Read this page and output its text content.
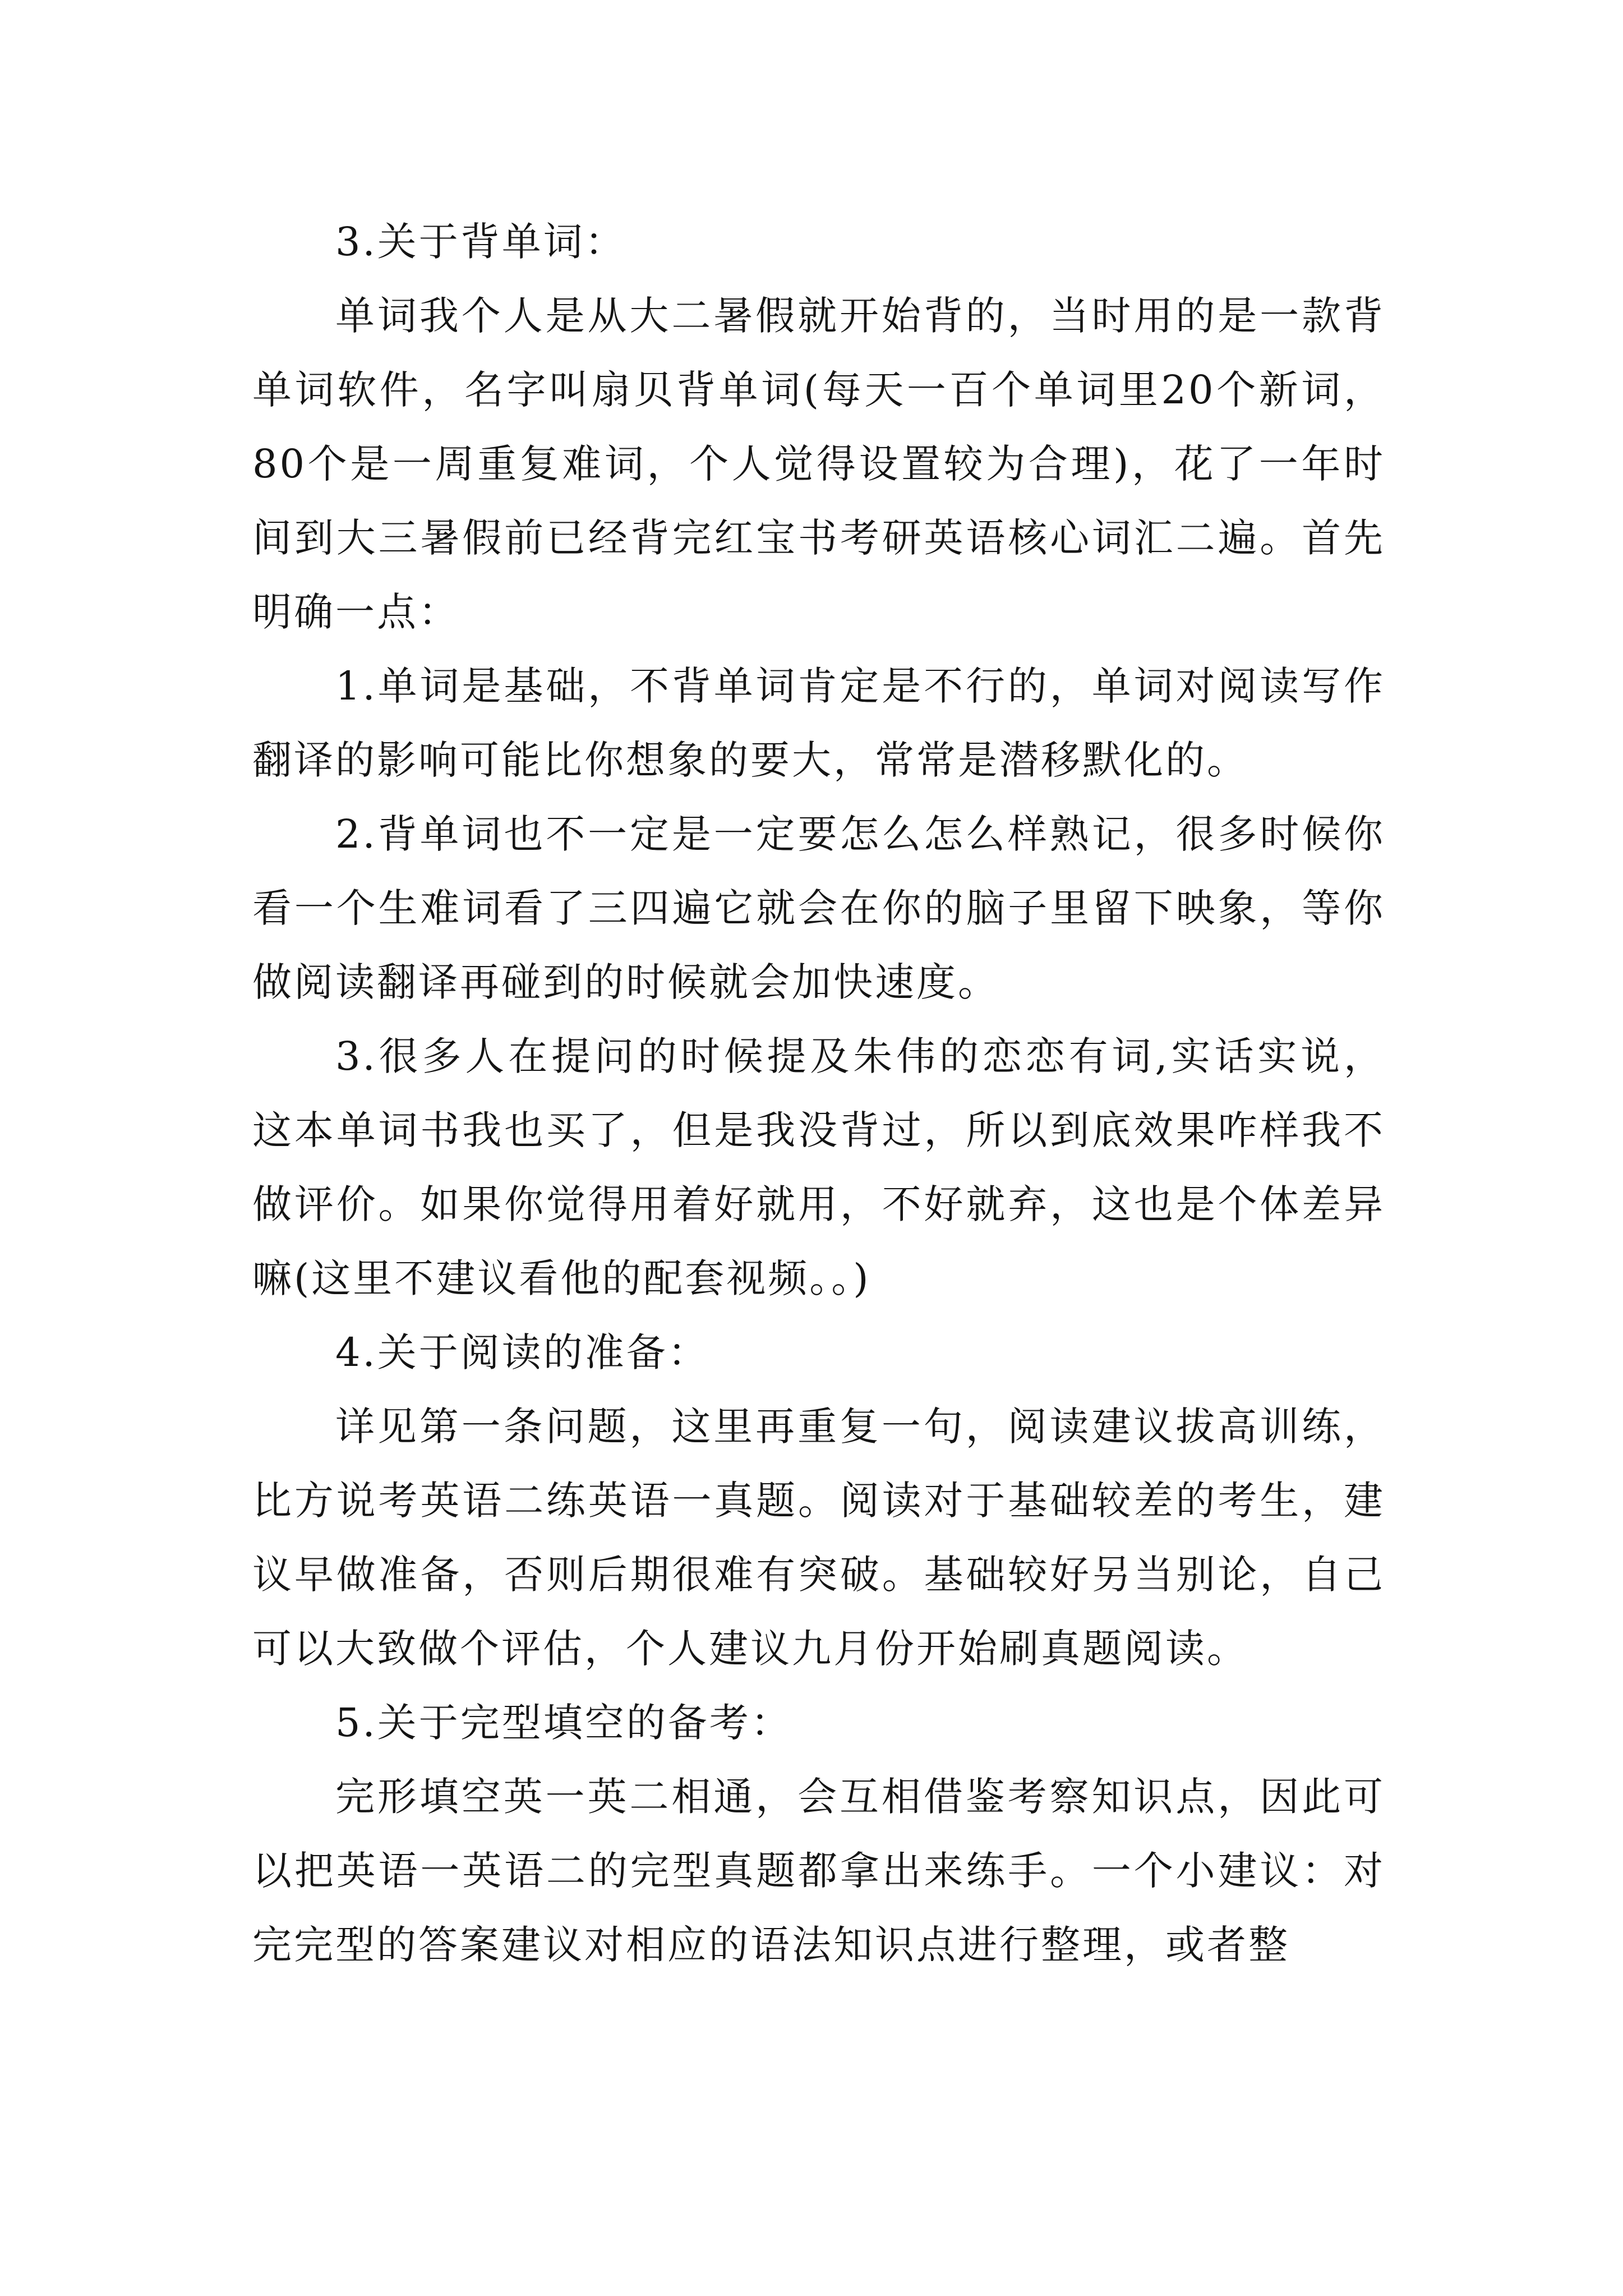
3.关于背单词：

单词我个人是从大二暑假就开始背的，当时用的是一款背单词软件，名字叫扇贝背单词(每天一百个单词里20个新词，80个是一周重复难词，个人觉得设置较为合理)，花了一年时间到大三暑假前已经背完红宝书考研英语核心词汇二遍。首先明确一点：

1.单词是基础，不背单词肯定是不行的，单词对阅读写作翻译的影响可能比你想象的要大，常常是潜移默化的。

2.背单词也不一定是一定要怎么怎么样熟记，很多时候你看一个生难词看了三四遍它就会在你的脑子里留下映象，等你做阅读翻译再碰到的时候就会加快速度。

3.很多人在提问的时候提及朱伟的恋恋有词,实话实说，这本单词书我也买了，但是我没背过，所以到底效果咋样我不做评价。如果你觉得用着好就用，不好就弃，这也是个体差异嘛(这里不建议看他的配套视频。。)

4.关于阅读的准备：

详见第一条问题，这里再重复一句，阅读建议拔高训练，比方说考英语二练英语一真题。阅读对于基础较差的考生，建议早做准备，否则后期很难有突破。基础较好另当别论，自己可以大致做个评估，个人建议九月份开始刷真题阅读。

5.关于完型填空的备考：

完形填空英一英二相通，会互相借鉴考察知识点，因此可以把英语一英语二的完型真题都拿出来练手。一个小建议：对完完型的答案建议对相应的语法知识点进行整理，或者整
